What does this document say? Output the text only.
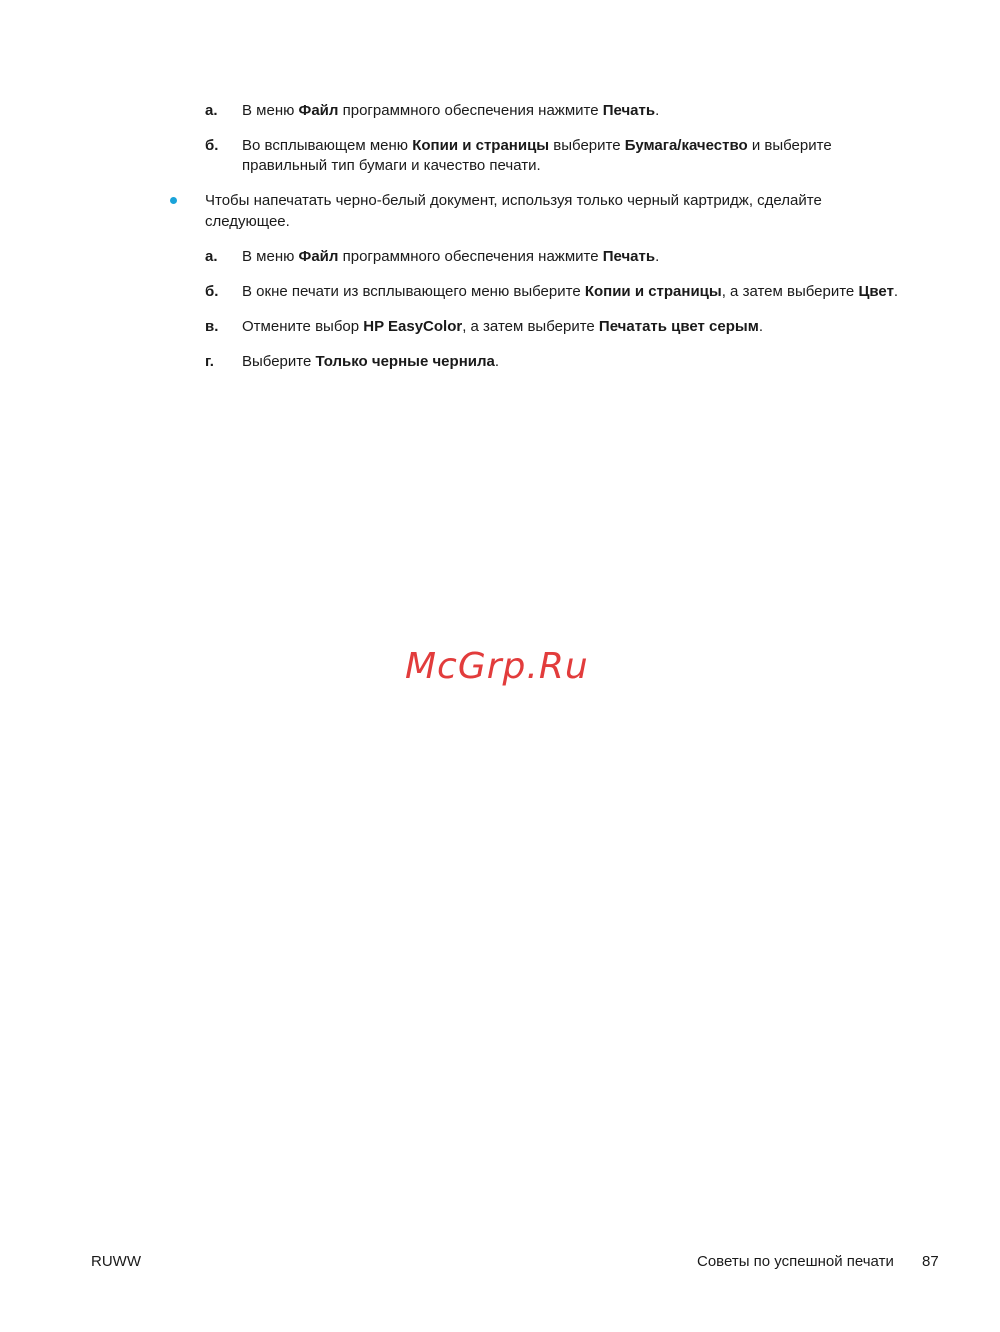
а. В меню Файл программного обеспечения нажмите Печать.
б. Во всплывающем меню Копии и страницы выберите Бумага/качество и выберите
правильный тип бумаги и качество печати.
Чтобы напечатать черно-белый документ, используя только черный картридж, сделайте
следующее.
а. В меню Файл программного обеспечения нажмите Печать.
б. В окне печати из всплывающего меню выберите Копии и страницы, а затем выберите Цвет.
в. Отмените выбор HP EasyColor, а затем выберите Печатать цвет серым.
г. Выберите Только черные чернила.
McGrp.Ru
RUWW	Советы по успешной печати 87
